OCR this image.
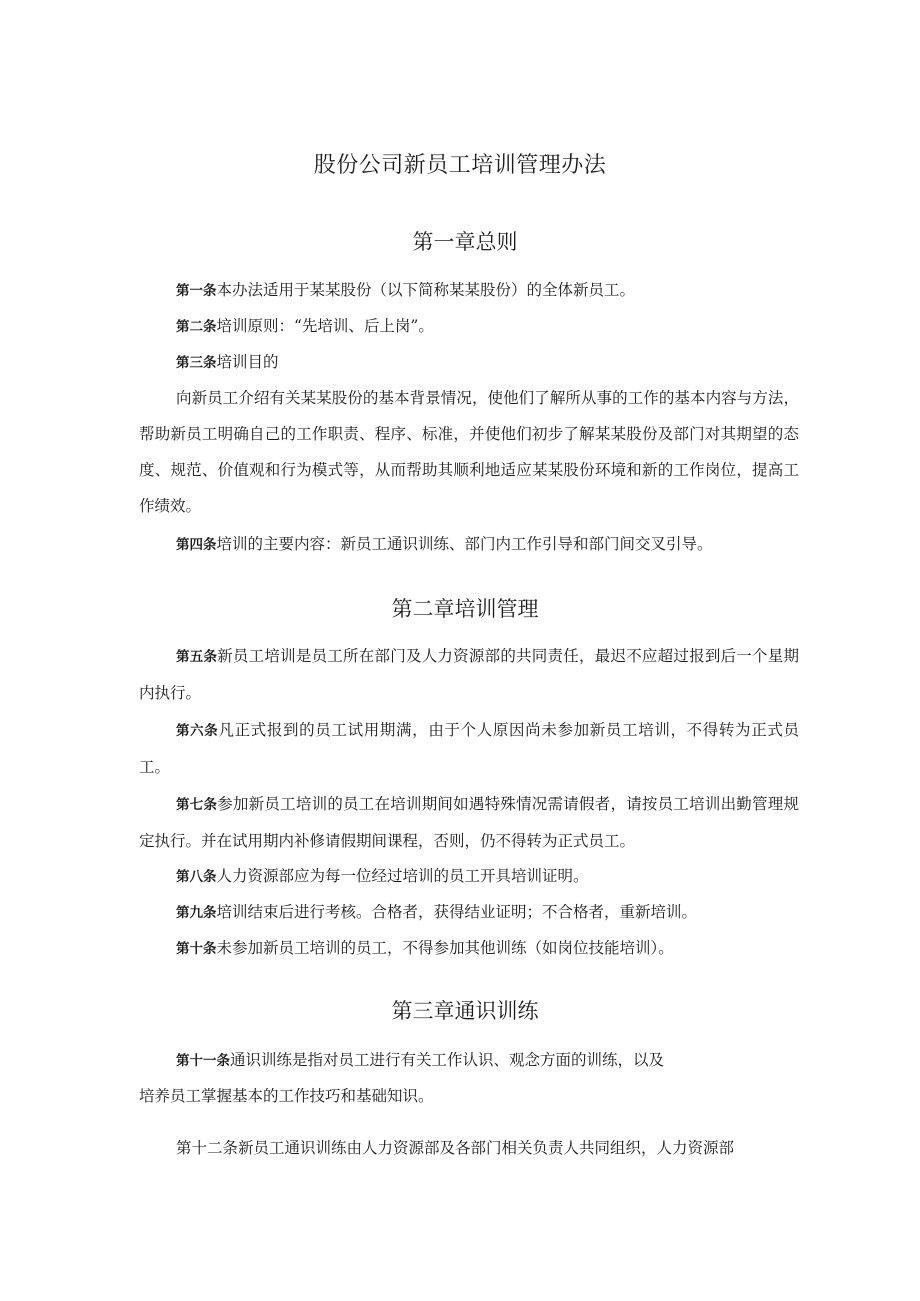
股份公司新员工培训管理办法
第一章总则

第一条本办法适用于某某股份（以下简称某某股份）的全体新员工。

第二条培训原则：“先培训、后上岗”。

第三条培训目的

向新员工介绍有关某某股份的基本背景情况，使他们了解所从事的工作的基本内容与方法，帮助新员工明确自己的工作职责、程序、标准，并使他们初步了解某某股份及部门对其期望的态度、规范、价值观和行为模式等，从而帮助其顺利地适应某某股份环境和新的工作岗位，提高工作绩效。

第四条培训的主要内容：新员工通识训练、部门内工作引导和部门间交叉引导。

第二章培训管理

第五条新员工培训是员工所在部门及人力资源部的共同责任，最迟不应超过报到后一个星期内执行。

第六条凡正式报到的员工试用期满，由于个人原因尚未参加新员工培训，不得转为正式员工。

第七条参加新员工培训的员工在培训期间如遇特殊情况需请假者，请按员工培训出勤管理规定执行。并在试用期内补修请假期间课程，否则，仍不得转为正式员工。

第八条人力资源部应为每一位经过培训的员工开具培训证明。

第九条培训结束后进行考核。合格者，获得结业证明；不合格者，重新培训。

第十条未参加新员工培训的员工，不得参加其他训练（如岗位技能培训）。

第三章通识训练

第十一条通识训练是指对员工进行有关工作认识、观念方面的训练，以及

培养员工掌握基本的工作技巧和基础知识。

第十二条新员工通识训练由人力资源部及各部门相关负责人共同组织，人力资源部
